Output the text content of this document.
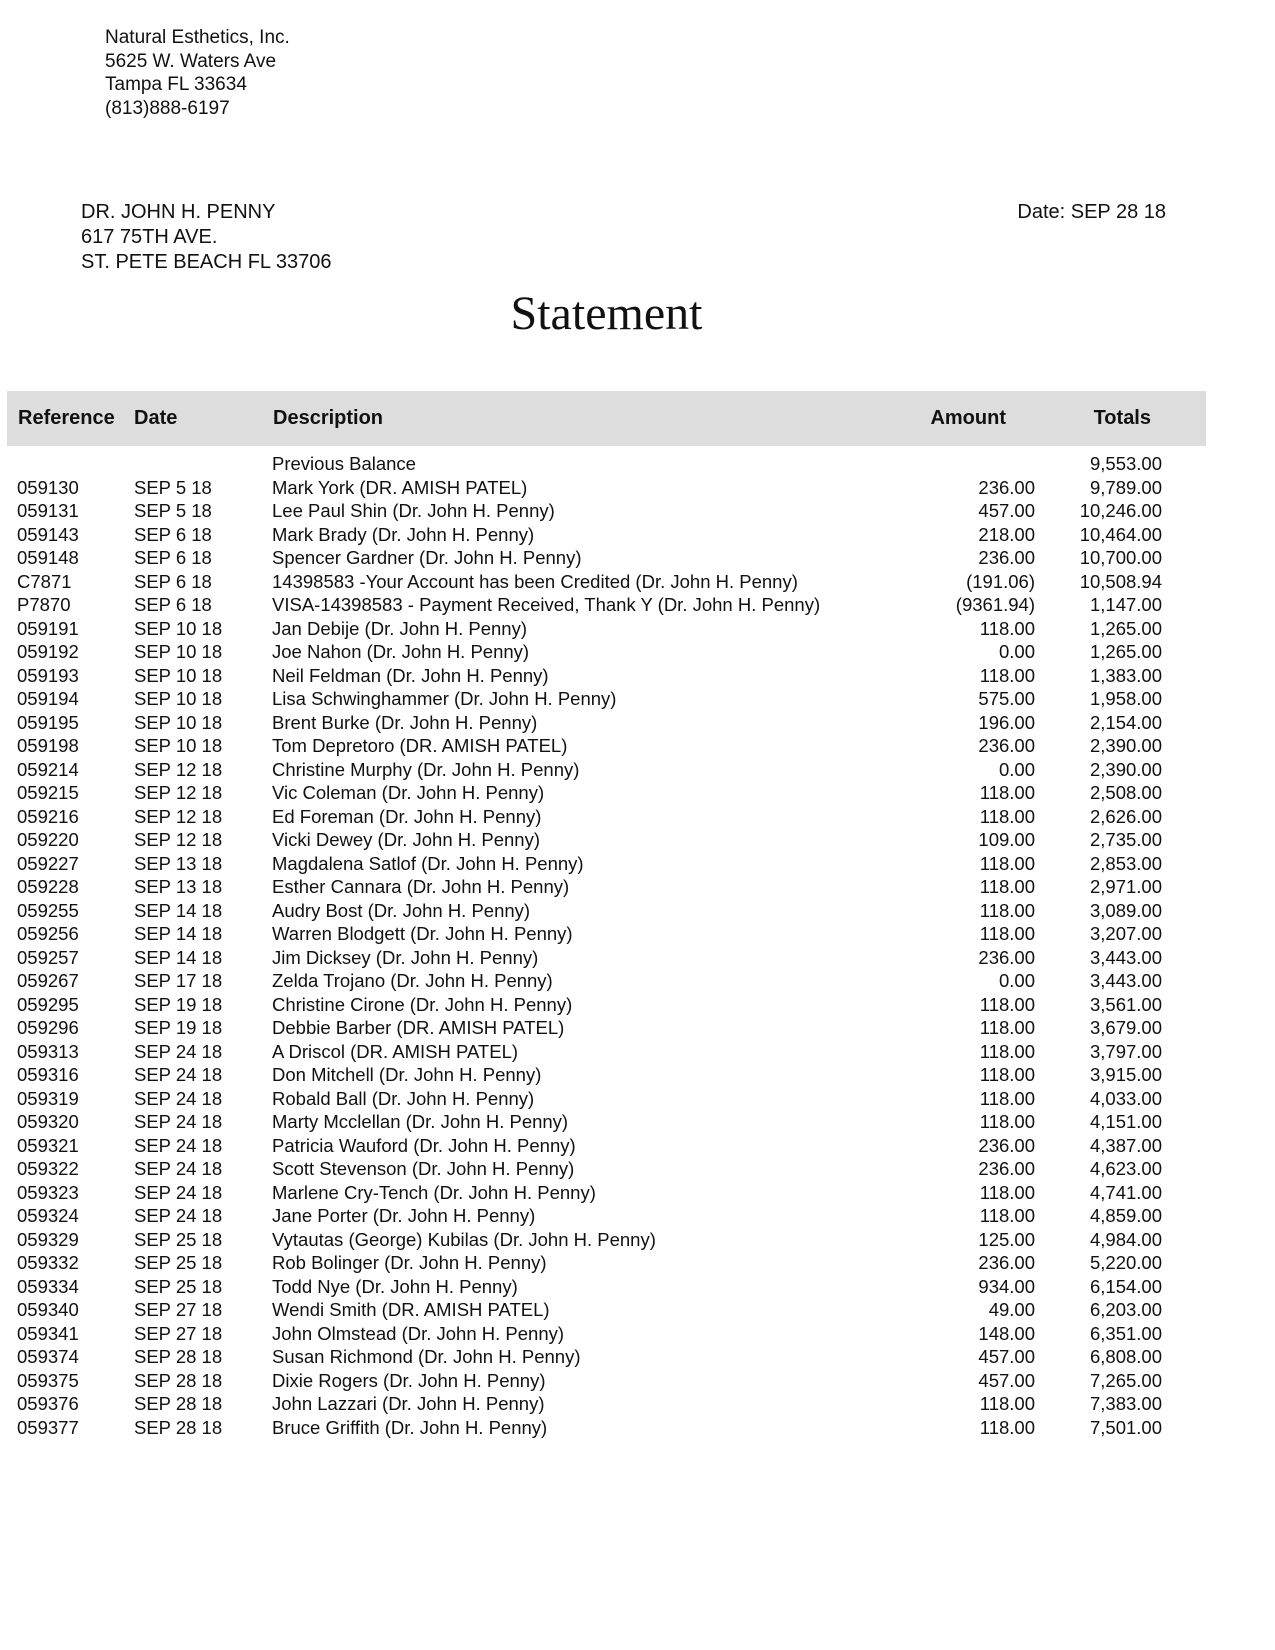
Natural Esthetics, Inc.
5625 W. Waters Ave
Tampa FL 33634
(813)888-6197
DR. JOHN H. PENNY
617 75TH AVE.
ST. PETE BEACH FL 33706
Date: SEP 28 18
Statement
Reference Date	Description	Amount	Totals
Previous Balance	9,553.00
059130	SEP 5 18	Mark York (DR. AMISH PATEL)	236.00	9,789.00
059131	SEP 5 18	Lee Paul Shin (Dr. John H. Penny)	457.00 10,246.00
059143	SEP 6 18	Mark Brady (Dr. John H. Penny)	218.00 10,464.00
059148	SEP 6 18	Spencer Gardner (Dr. John H. Penny)	236.00 10,700.00
C7871	SEP 6 18	14398583 -Your Account has been Credited (Dr. John H. Penny)	(191.06) 10,508.94
P7870	SEP 6 18	VISA-14398583 - Payment Received, Thank Y (Dr. John H. Penny)	(9361.94)	1,147.00
059191	SEP 10 18	Jan Debije (Dr. John H. Penny)	118.00	1,265.00
059192	SEP 10 18	Joe Nahon (Dr. John H. Penny)	0.00	1,265.00
059193	SEP 10 18	Neil Feldman (Dr. John H. Penny)	118.00	1,383.00
059194	SEP 10 18	Lisa Schwinghammer (Dr. John H. Penny)	575.00	1,958.00
059195	SEP 10 18	Brent Burke (Dr. John H. Penny)	196.00	2,154.00
059198	SEP 10 18	Tom Depretoro (DR. AMISH PATEL)	236.00	2,390.00
059214	SEP 12 18	Christine Murphy (Dr. John H. Penny)	0.00	2,390.00
059215	SEP 12 18	Vic Coleman (Dr. John H. Penny)	118.00	2,508.00
059216	SEP 12 18	Ed Foreman (Dr. John H. Penny)	118.00	2,626.00
059220	SEP 12 18	Vicki Dewey (Dr. John H. Penny)	109.00	2,735.00
059227	SEP 13 18	Magdalena Satlof (Dr. John H. Penny)	118.00	2,853.00
059228	SEP 13 18	Esther Cannara (Dr. John H. Penny)	118.00	2,971.00
059255	SEP 14 18	Audry Bost (Dr. John H. Penny)	118.00	3,089.00
059256	SEP 14 18	Warren Blodgett (Dr. John H. Penny)	118.00	3,207.00
059257	SEP 14 18	Jim Dicksey (Dr. John H. Penny)	236.00	3,443.00
059267	SEP 17 18	Zelda Trojano (Dr. John H. Penny)	0.00	3,443.00
059295	SEP 19 18	Christine Cirone (Dr. John H. Penny)	118.00	3,561.00
059296	SEP 19 18	Debbie Barber (DR. AMISH PATEL)	118.00	3,679.00
059313	SEP 24 18	A Driscol (DR. AMISH PATEL)	118.00	3,797.00
059316	SEP 24 18	Don Mitchell (Dr. John H. Penny)	118.00	3,915.00
059319	SEP 24 18	Robald Ball (Dr. John H. Penny)	118.00	4,033.00
059320	SEP 24 18	Marty Mcclellan (Dr. John H. Penny)	118.00	4,151.00
059321	SEP 24 18	Patricia Wauford (Dr. John H. Penny)	236.00	4,387.00
059322	SEP 24 18	Scott Stevenson (Dr. John H. Penny)	236.00	4,623.00
059323	SEP 24 18	Marlene Cry-Tench (Dr. John H. Penny)	118.00	4,741.00
059324	SEP 24 18	Jane Porter (Dr. John H. Penny)	118.00	4,859.00
059329	SEP 25 18	Vytautas (George) Kubilas (Dr. John H. Penny)	125.00	4,984.00
059332	SEP 25 18	Rob Bolinger (Dr. John H. Penny)	236.00	5,220.00
059334	SEP 25 18	Todd Nye (Dr. John H. Penny)	934.00	6,154.00
059340	SEP 27 18	Wendi Smith (DR. AMISH PATEL)	49.00	6,203.00
059341	SEP 27 18	John Olmstead (Dr. John H. Penny)	148.00	6,351.00
059374	SEP 28 18	Susan Richmond (Dr. John H. Penny)	457.00	6,808.00
059375	SEP 28 18	Dixie Rogers (Dr. John H. Penny)	457.00	7,265.00
059376	SEP 28 18	John Lazzari (Dr. John H. Penny)	118.00	7,383.00
059377	SEP 28 18	Bruce Griffith (Dr. John H. Penny)	118.00	7,501.00
